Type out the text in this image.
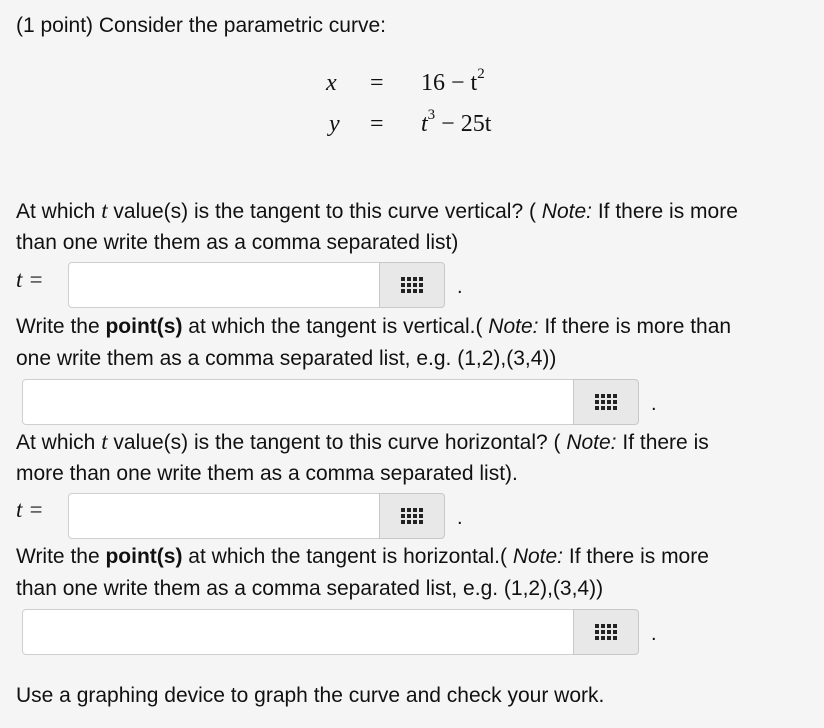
(1 point) Consider the parametric curve:
$x = 16 - t^2$
$y = t^3 - 25t$
At which t value(s) is the tangent to this curve vertical? ( Note: If there is more
than one write them as a comma separated list)
t =	.
Write the point(s) at which the tangent is vertical.( Note: If there is more than
one write them as a comma separated list, e.g. (1,2),(3,4))
.
At which t value(s) is the tangent to this curve horizontal? ( Note: If there is
more than one write them as a comma separated list).
t =	.
Write the point(s) at which the tangent is horizontal.( Note: If there is more
than one write them as a comma separated list, e.g. (1,2),(3,4))
.
Use a graphing device to graph the curve and check your work.
